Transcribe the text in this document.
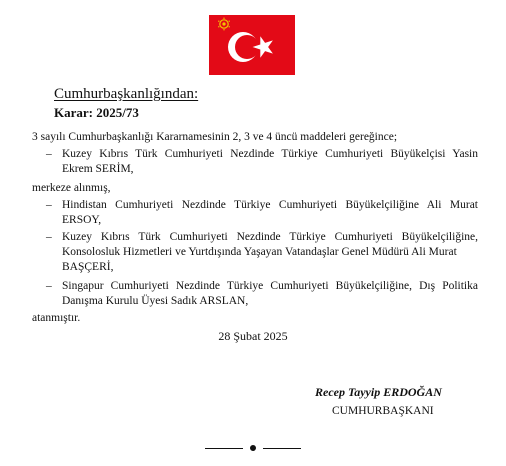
Cumhurbaşkanlığından:
Karar: 2025/73
3 sayılı Cumhurbaşkanlığı Kararnamesinin 2, 3 ve 4 üncü maddeleri gereğince;
– Kuzey Kıbrıs Türk Cumhuriyeti Nezdinde Türkiye Cumhuriyeti Büyükelçisi Yasin
Ekrem SERİM,
merkeze alınmış,
– Hindistan Cumhuriyeti Nezdinde Türkiye Cumhuriyeti Büyükelçiliğine Ali Murat
ERSOY,
– Kuzey Kıbrıs Türk Cumhuriyeti Nezdinde Türkiye Cumhuriyeti Büyükelçiliğine,
Konsolosluk Hizmetleri ve Yurtdışında Yaşayan Vatandaşlar Genel Müdürü Ali Murat
BAŞÇERİ,
– Singapur Cumhuriyeti Nezdinde Türkiye Cumhuriyeti Büyükelçiliğine, Dış Politika
Danışma Kurulu Üyesi Sadık ARSLAN,
atanmıştır.
28 Şubat 2025
Recep Tayyip ERDOĞAN
CUMHURBAŞKANI
